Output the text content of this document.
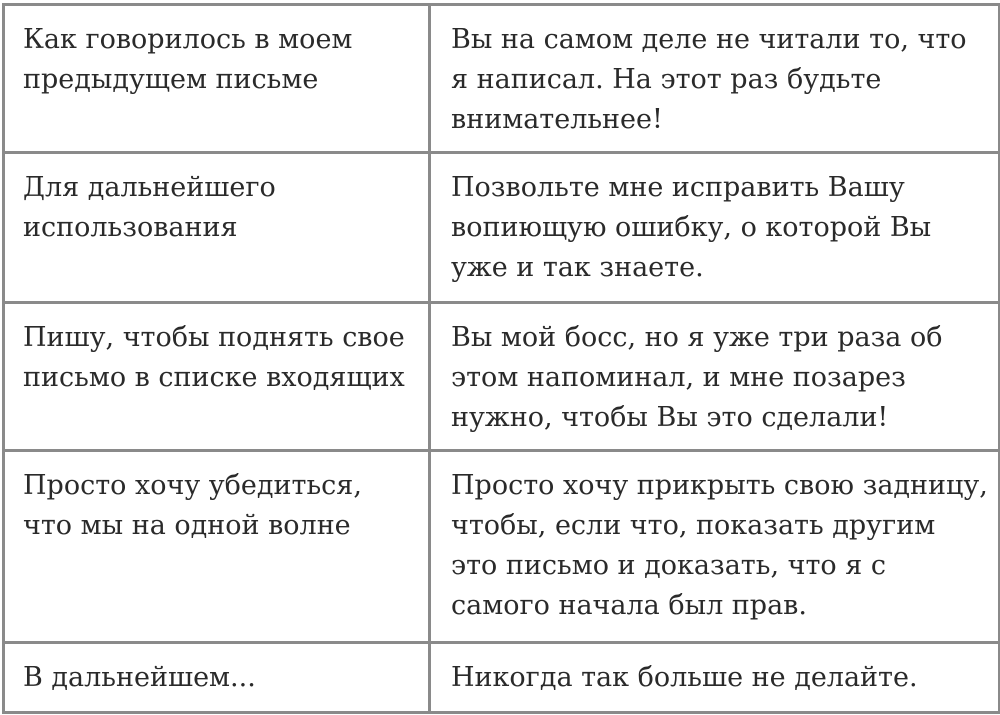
Как говорилось в моем предыдущем письме	Вы на самом деле не читали то, что я написал. На этот раз будьте внимательнее!

Для дальнейшего использования	Позвольте мне исправить Вашу вопиющую ошибку, о которой Вы уже и так знаете.

Пишу, чтобы поднять свое письмо в списке входящих	Вы мой босс, но я уже три раза об этом напоминал, и мне позарез нужно, чтобы Вы это сделали!

Просто хочу убедиться, что мы на одной волне	Просто хочу прикрыть свою задницу, чтобы, если что, показать другим это письмо и доказать, что я с самого начала был прав.

В дальнейшем...	Никогда так больше не делайте.
